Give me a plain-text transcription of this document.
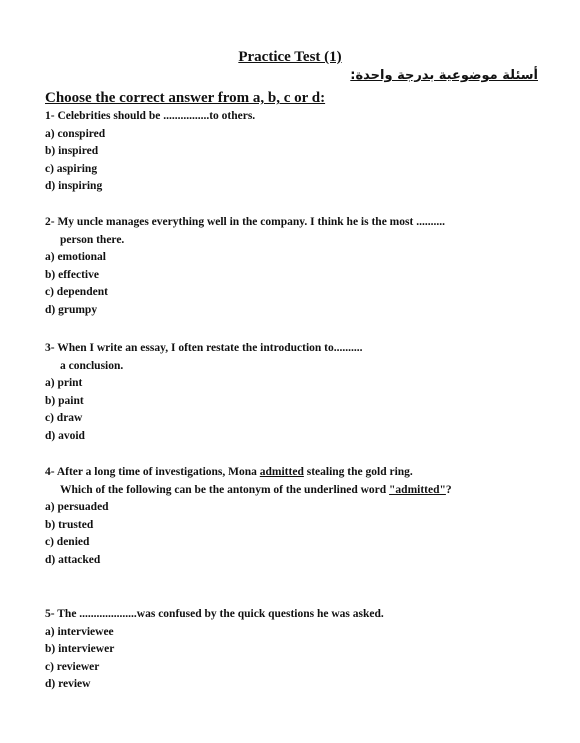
Practice Test (1)
أسئلة موضوعية بدرجة واحدة:
Choose the correct answer from a, b, c or d:

1- Celebrities should be ................to others.

a) conspired

b) inspired

c) aspiring

d) inspiring

2- My uncle manages everything well in the company. I think he is the most ..........

person there.

a) emotional

b) effective

c) dependent

d) grumpy

3- When I write an essay, I often restate the introduction to..........

a conclusion.

a) print

b) paint

c) draw

d) avoid

4- After a long time of investigations, Mona admitted stealing the gold ring.

Which of the following can be the antonym of the underlined word "admitted"?

a) persuaded

b) trusted

c) denied

d) attacked

5- The ....................was confused by the quick questions he was asked.

a) interviewee

b) interviewer

c) reviewer

d) review
